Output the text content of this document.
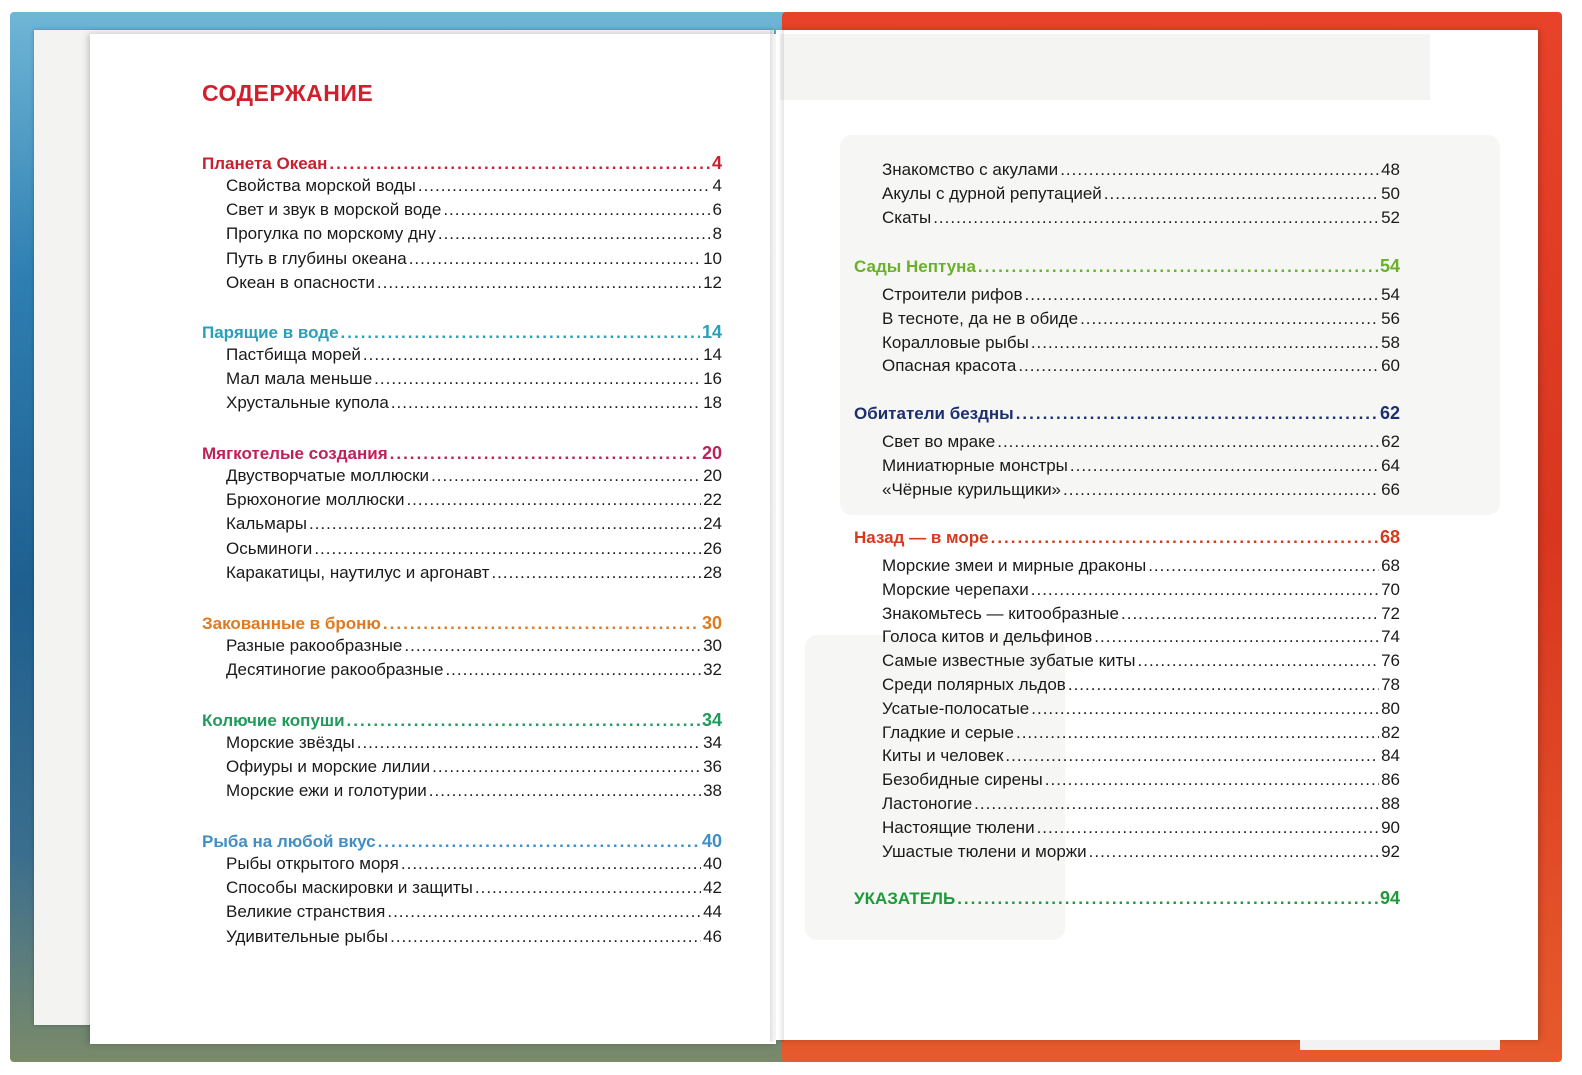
СОДЕРЖАНИЕ
Планета Океан .....	4
Свойства морской воды .....	4
Свет и звук в морской воде .....	6
Прогулка по морскому дну .....	8
Путь в глубины океана .....	10
Океан в опасности .....	12
Парящие в воде .....	14
Пастбища морей .....	14
Мал мала меньше .....	16
Хрустальные купола .....	18
Мягкотелые создания .....	20
Двустворчатые моллюски .....	20
Брюхоногие моллюски .....	22
Кальмары .....	24
Осьминоги .....	26
Каракатицы, наутилус и аргонавт .....	28
Закованные в броню .....	30
Разные ракообразные .....	30
Десятиногие ракообразные .....	32
Колючие копуши .....	34
Морские звёзды .....	34
Офиуры и морские лилии .....	36
Морские ежи и голотурии .....	38
Рыба на любой вкус .....	40
Рыбы открытого моря .....	40
Способы маскировки и защиты .....	42
Великие странствия .....	44
Удивительные рыбы .....	46
Знакомство с акулами .....	48
Акулы с дурной репутацией .....	50
Скаты .....	52
Сады Нептуна .....	54
Строители рифов .....	54
В тесноте, да не в обиде .....	56
Коралловые рыбы .....	58
Опасная красота .....	60
Обитатели бездны .....	62
Свет во мраке .....	62
Миниатюрные монстры .....	64
«Чёрные курильщики» .....	66
Назад — в море .....	68
Морские змеи и мирные драконы .....	68
Морские черепахи .....	70
Знакомьтесь — китообразные .....	72
Голоса китов и дельфинов .....	74
Самые известные зубатые киты .....	76
Среди полярных льдов .....	78
Усатые-полосатые .....	80
Гладкие и серые .....	82
Киты и человек .....	84
Безобидные сирены .....	86
Ластоногие .....	88
Настоящие тюлени .....	90
Ушастые тюлени и моржи .....	92
УКАЗАТЕЛЬ .....	94
